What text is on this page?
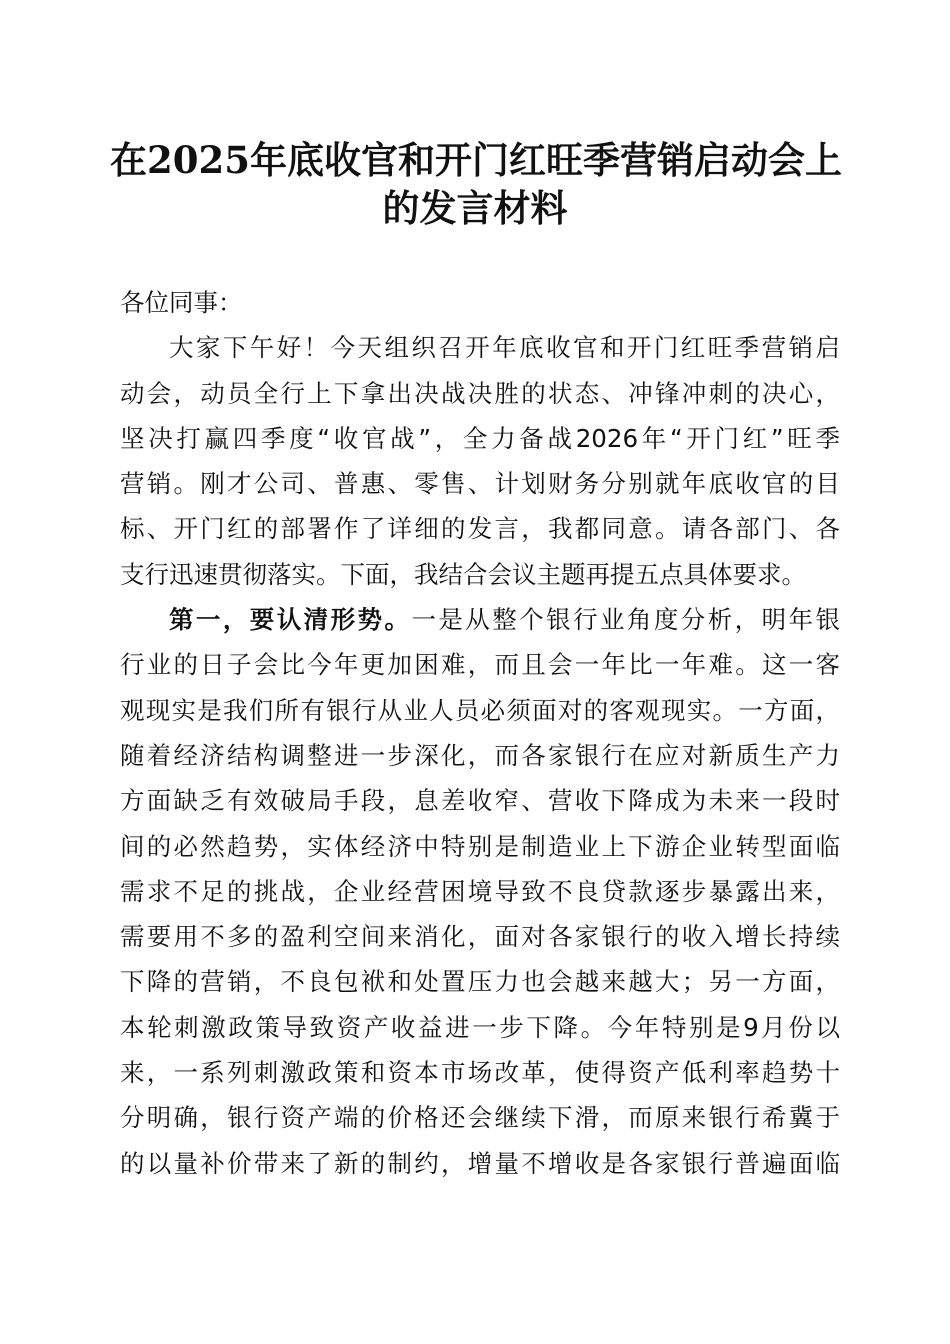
在2025年底收官和开门红旺季营销启动会上
的发言材料
各位同事：
大家下午好！今天组织召开年底收官和开门红旺季营销启
动会，动员全行上下拿出决战决胜的状态、冲锋冲刺的决心，
坚决打赢四季度“收官战”，全力备战2026年“开门红”旺季
营销。刚才公司、普惠、零售、计划财务分别就年底收官的目
标、开门红的部署作了详细的发言，我都同意。请各部门、各
支行迅速贯彻落实。下面，我结合会议主题再提五点具体要求。
第一，要认清形势。一是从整个银行业角度分析，明年银
行业的日子会比今年更加困难，而且会一年比一年难。这一客
观现实是我们所有银行从业人员必须面对的客观现实。一方面，
随着经济结构调整进一步深化，而各家银行在应对新质生产力
方面缺乏有效破局手段，息差收窄、营收下降成为未来一段时
间的必然趋势，实体经济中特别是制造业上下游企业转型面临
需求不足的挑战，企业经营困境导致不良贷款逐步暴露出来，
需要用不多的盈利空间来消化，面对各家银行的收入增长持续
下降的营销，不良包袱和处置压力也会越来越大；另一方面，
本轮刺激政策导致资产收益进一步下降。今年特别是9月份以
来，一系列刺激政策和资本市场改革，使得资产低利率趋势十
分明确，银行资产端的价格还会继续下滑，而原来银行希冀于
的以量补价带来了新的制约，增量不增收是各家银行普遍面临
